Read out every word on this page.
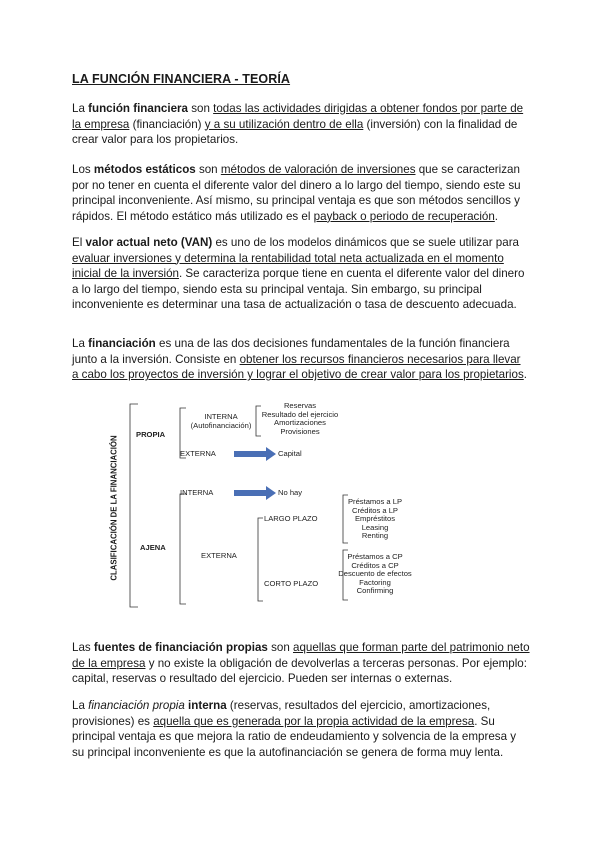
LA FUNCIÓN FINANCIERA - TEORÍA

La función financiera son todas las actividades dirigidas a obtener fondos por parte de la empresa (financiación) y a su utilización dentro de ella (inversión) con la finalidad de crear valor para los propietarios.

Los métodos estáticos son métodos de valoración de inversiones que se caracterizan por no tener en cuenta el diferente valor del dinero a lo largo del tiempo, siendo este su principal inconveniente. Así mismo, su principal ventaja es que son métodos sencillos y rápidos. El método estático más utilizado es el payback o periodo de recuperación.

El valor actual neto (VAN) es uno de los modelos dinámicos que se suele utilizar para evaluar inversiones y determina la rentabilidad total neta actualizada en el momento inicial de la inversión. Se caracteriza porque tiene en cuenta el diferente valor del dinero a lo largo del tiempo, siendo esta su principal ventaja. Sin embargo, su principal inconveniente es determinar una tasa de actualización o tasa de descuento adecuada.

La financiación es una de las dos decisiones fundamentales de la función financiera junto a la inversión. Consiste en obtener los recursos financieros necesarios para llevar a cabo los proyectos de inversión y lograr el objetivo de crear valor para los propietarios.

CLASIFICACIÓN DE LA FINANCIACIÓN
PROPIA
AJENA
INTERNA
(Autofinanciación)
Reservas
Resultado del ejercicio
Amortizaciones
Provisiones
EXTERNA	Capital
INTERNA	No hay
EXTERNA
LARGO PLAZO
Préstamos a LP
Créditos a LP
Empréstitos
Leasing
Renting
CORTO PLAZO
Préstamos a CP
Créditos a CP
Descuento de efectos
Factoring
Confirming

Las fuentes de financiación propias son aquellas que forman parte del patrimonio neto de la empresa y no existe la obligación de devolverlas a terceras personas. Por ejemplo: capital, reservas o resultado del ejercicio. Pueden ser internas o externas.

La financiación propia interna (reservas, resultados del ejercicio, amortizaciones, provisiones) es aquella que es generada por la propia actividad de la empresa. Su principal ventaja es que mejora la ratio de endeudamiento y solvencia de la empresa y su principal inconveniente es que la autofinanciación se genera de forma muy lenta.
